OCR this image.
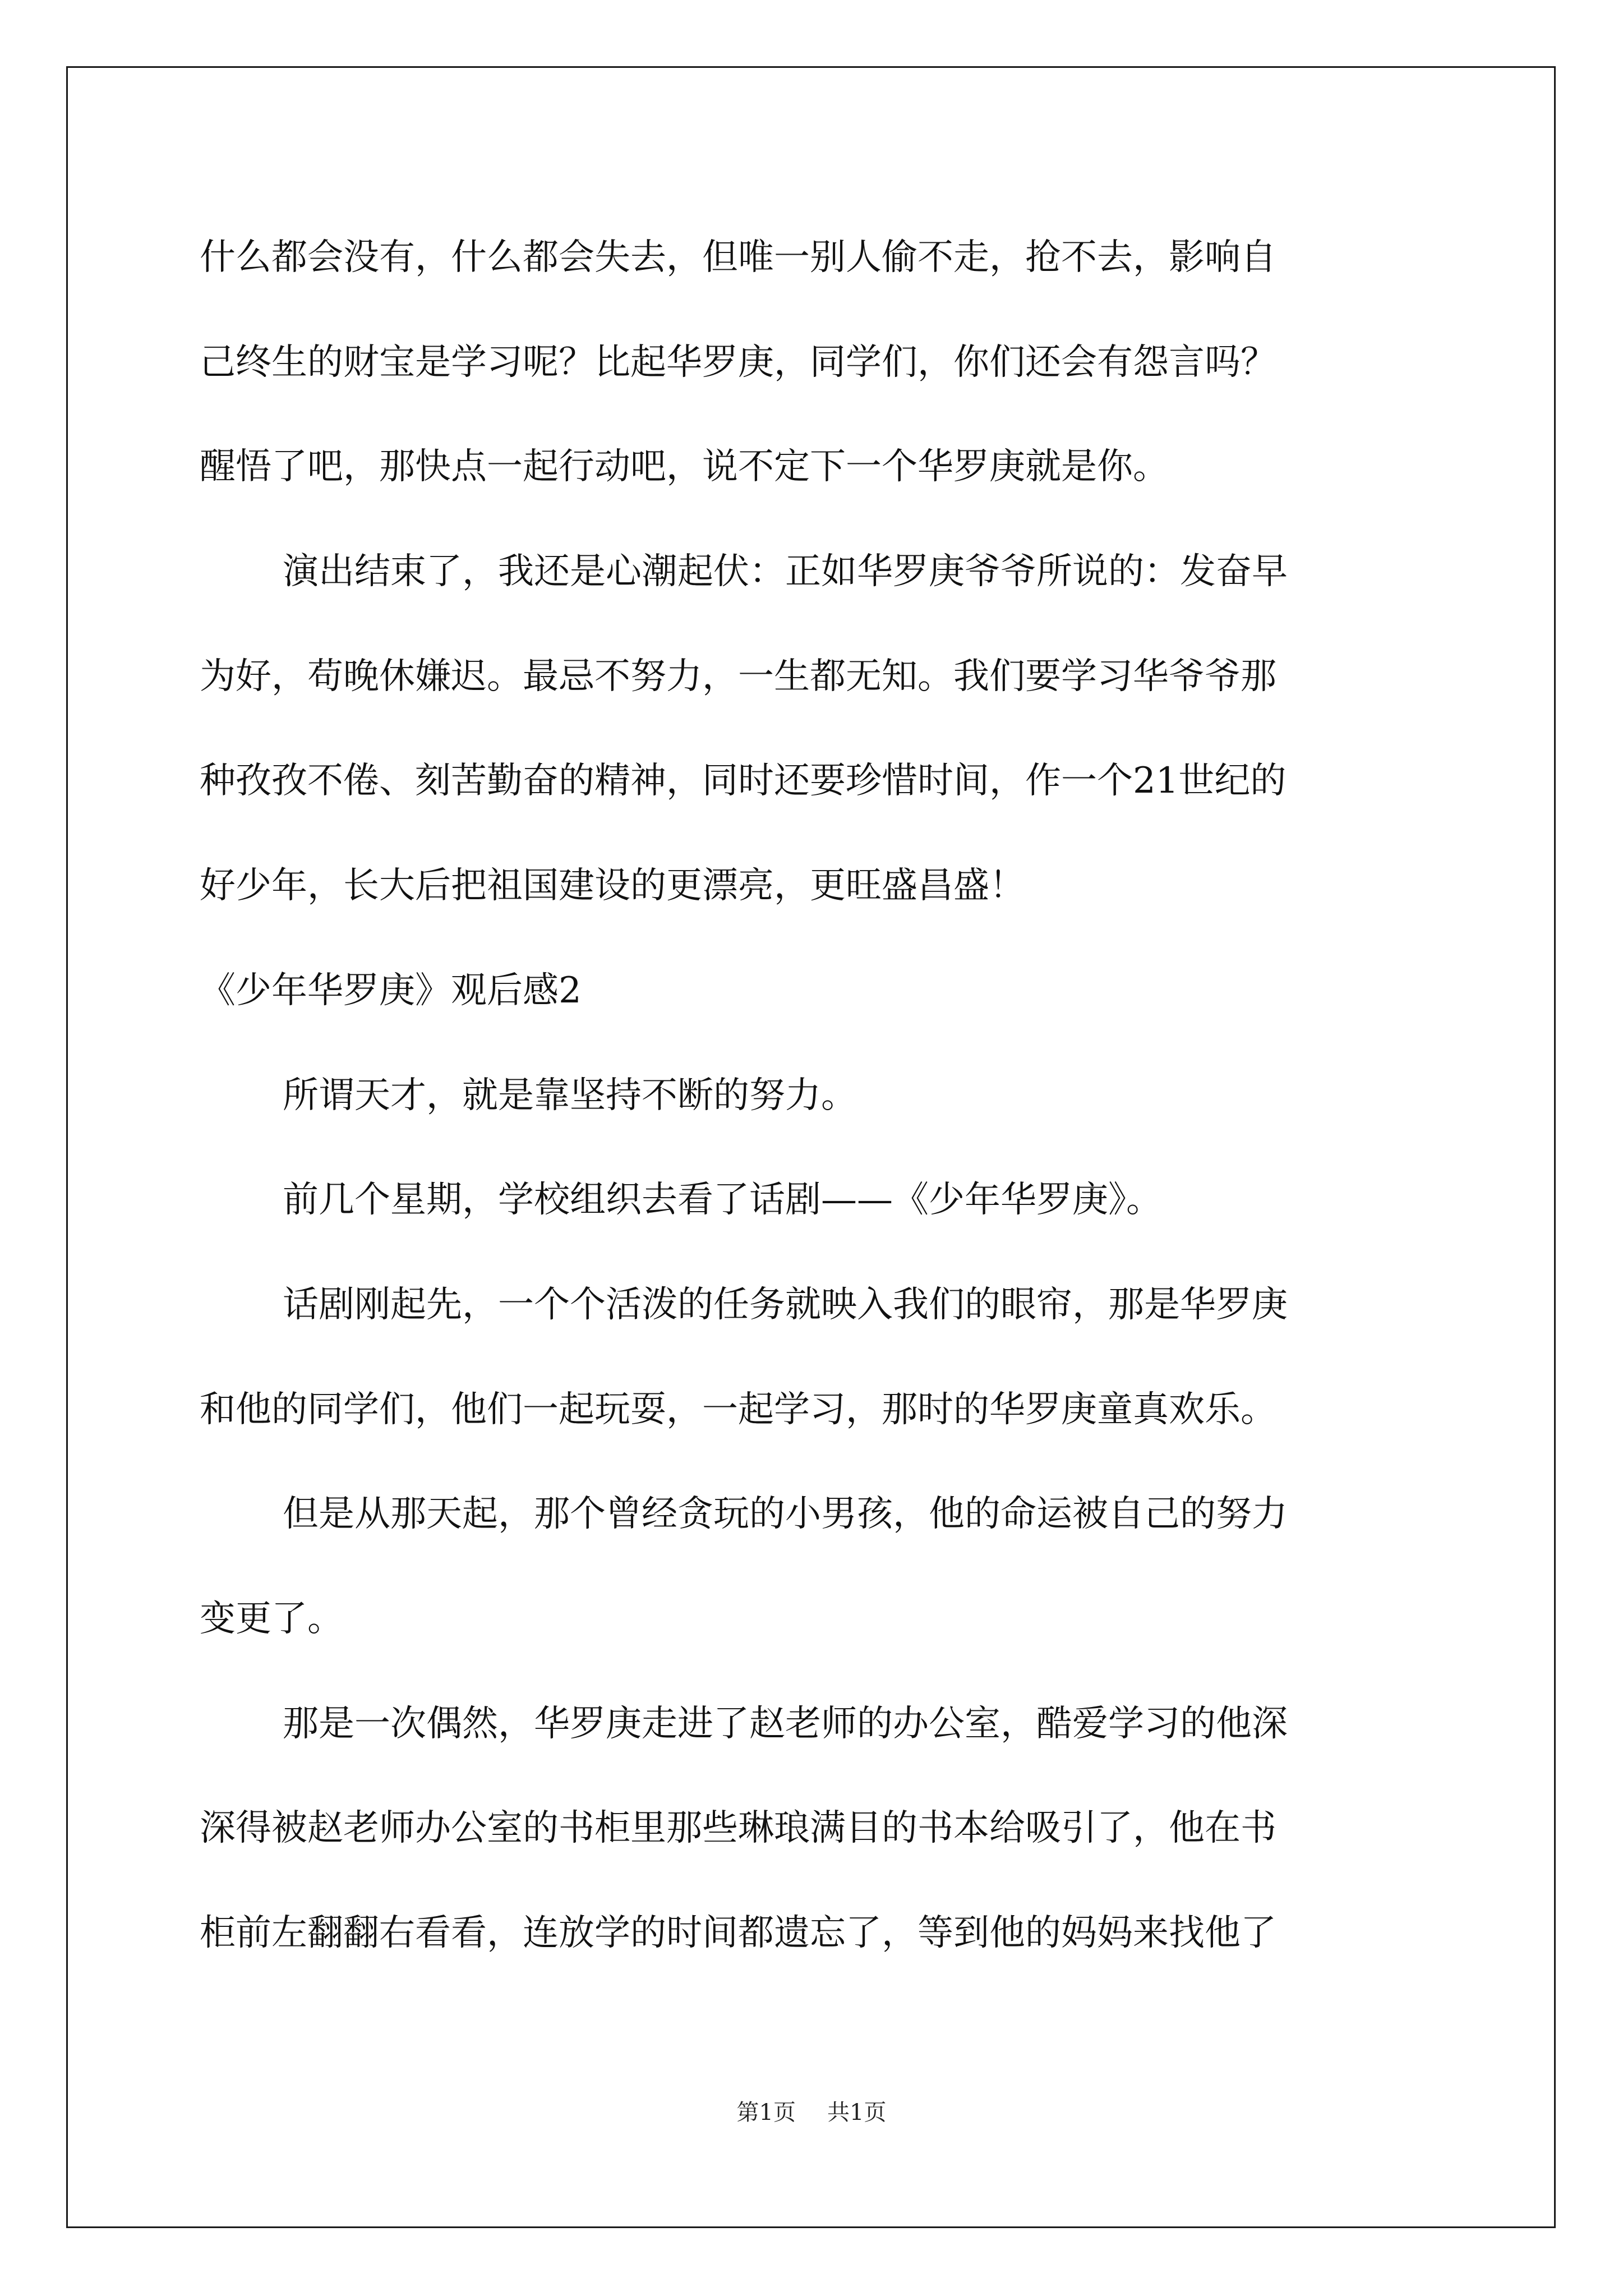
什么都会没有，什么都会失去，但唯一别人偷不走，抢不去，影响自
己终生的财宝是学习呢？比起华罗庚，同学们，你们还会有怨言吗？
醒悟了吧，那快点一起行动吧，说不定下一个华罗庚就是你。
演出结束了，我还是心潮起伏：正如华罗庚爷爷所说的：发奋早
为好，苟晚休嫌迟。最忌不努力，一生都无知。我们要学习华爷爷那
种孜孜不倦、刻苦勤奋的精神，同时还要珍惜时间，作一个21世纪的
好少年，长大后把祖国建设的更漂亮，更旺盛昌盛！
《少年华罗庚》观后感2
所谓天才，就是靠坚持不断的努力。
前几个星期，学校组织去看了话剧——《少年华罗庚》。
话剧刚起先，一个个活泼的任务就映入我们的眼帘，那是华罗庚
和他的同学们，他们一起玩耍，一起学习，那时的华罗庚童真欢乐。
但是从那天起，那个曾经贪玩的小男孩，他的命运被自己的努力
变更了。
那是一次偶然，华罗庚走进了赵老师的办公室，酷爱学习的他深
深得被赵老师办公室的书柜里那些琳琅满目的书本给吸引了，他在书
柜前左翻翻右看看，连放学的时间都遗忘了，等到他的妈妈来找他了
第1页 共1页
